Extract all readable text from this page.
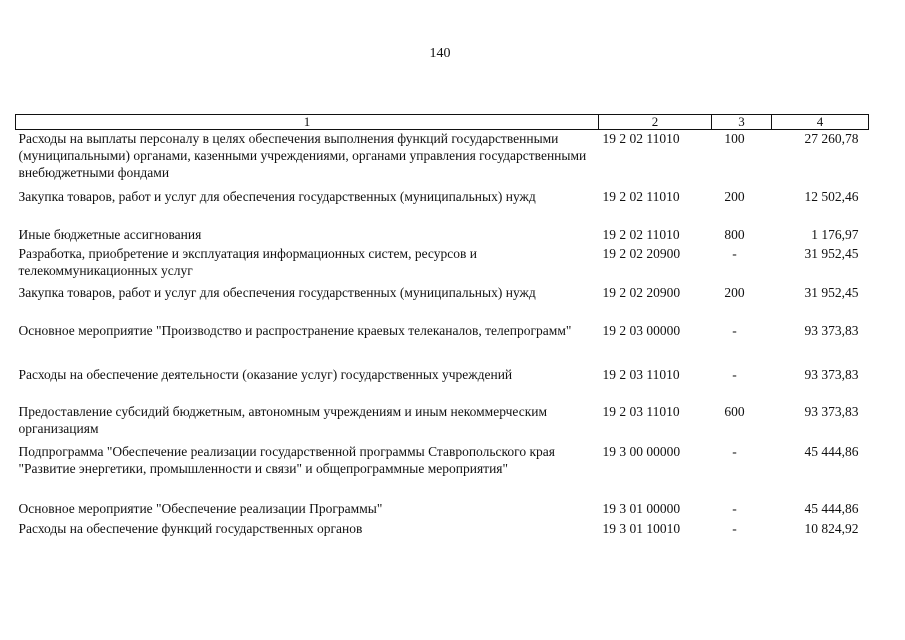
140
1	2	3	4
Расходы на выплаты персоналу в целях обеспечения выполнения функций государственными (муниципальными) органами, казенными учреждениями, органами управления государственными внебюджетными фондами	19 2 02 11010	100	27 260,78
Закупка товаров, работ и услуг для обеспечения государственных (муниципальных) нужд	19 2 02 11010	200	12 502,46
Иные бюджетные ассигнования	19 2 02 11010	800	1 176,97
Разработка, приобретение и эксплуатация информационных систем, ресурсов и телекоммуникационных услуг	19 2 02 20900	-	31 952,45
Закупка товаров, работ и услуг для обеспечения государственных (муниципальных) нужд	19 2 02 20900	200	31 952,45
Основное мероприятие "Производство и распространение краевых телеканалов, телепрограмм"	19 2 03 00000	-	93 373,83
Расходы на обеспечение деятельности (оказание услуг) государственных учреждений	19 2 03 11010	-	93 373,83
Предоставление субсидий бюджетным, автономным учреждениям и иным некоммерческим организациям	19 2 03 11010	600	93 373,83
Подпрограмма "Обеспечение реализации государственной программы Ставропольского края "Развитие энергетики, промышленности и связи" и общепрограммные мероприятия"	19 3 00 00000	-	45 444,86
Основное мероприятие "Обеспечение реализации Программы"	19 3 01 00000	-	45 444,86
Расходы на обеспечение функций государственных органов	19 3 01 10010	-	10 824,92
